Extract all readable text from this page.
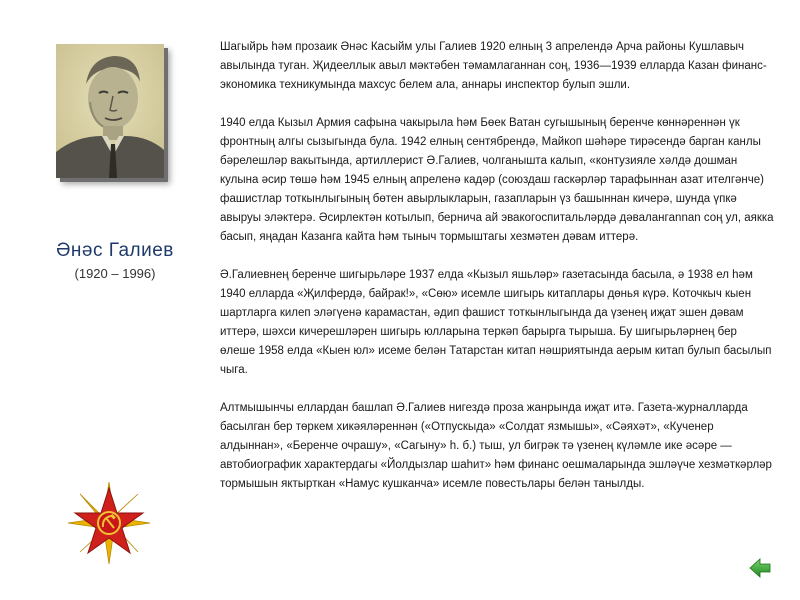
Әнәс Галиев
(1920 – 1996)

Шагыйрь һәм прозаик Әнәс Касыйм улы Галиев 1920 елның 3 апрелендә Арча районы Кушлавыч авылында туган. Җидееллык авыл мәктәбен тәмамлаганнан соң, 1936—1939 елларда Казан финанс-экономика техникумында махсус белем ала, аннары инспектор булып эшли.

1940 елда Кызыл Армия сафына чакырыла һәм Бөек Ватан сугышының беренче көннәреннән үк фронтның алгы сызыгында була. 1942 елның сентябрендә, Майкоп шәһәре тирәсендә барган канлы бәрелешләр вакытында, артиллерист Ә.Галиев, чолганышта калып, «контузияле хәлдә дошман кулына әсир төшә һәм 1945 елның апреленә кадәр (союздаш гаскәрләр тарафыннан азат ителгәнче) фашистлар тоткынлыгының бөтен авырлыкларын, газапларын үз башыннан кичерә, шунда үпкә авыруы эләктерә. Әсирлектән котылып, бернича ай эвакогоспитальләрдә дәвалангannan соң ул, аякка басып, яңадан Казанга кайта һәм тыныч тормыштагы хезмәтен дәвам иттерә.

Ә.Галиевнең беренче шигырьләре 1937 елда «Кызыл яшьләр» газетасында басыла, ә 1938 ел һәм 1940 елларда «Җилфердә, байрак!», «Сөю» исемле шигырь китаплары дөнья күрә. Коточкыч кыен шартларга килеп эләгүенә карамастан, әдип фашист тоткынлыгында да үзенең иҗат эшен дәвам иттерә, шәхси кичерешләрен шигырь юлларына теркәп барырга тырыша. Бу шигырьләрнең бер өлеше 1958 елда «Кыен юл» исеме белән Татарстан китап нәшриятында аерым китап булып басылып чыга.

Алтмышынчы еллардан башлап Ә.Галиев нигездә проза жанрында иҗат итә. Газета-журналларда басылган бер төркем хикәяләреннән («Отпускыда» «Солдат язмышы», «Сәяхәт», «Кученер алдыннан», «Беренче очрашу», «Сагыну» h. б.) тыш, ул бигрәк тә үзенең күләмле ике әсәре — автобиографик характердагы «Йолдызлар шаһит» һәм финанс оешмаларында эшләүче хезмәткәрләр тормышын яктырткан «Намус кушканча» исемле повестьлары белән танылды.
